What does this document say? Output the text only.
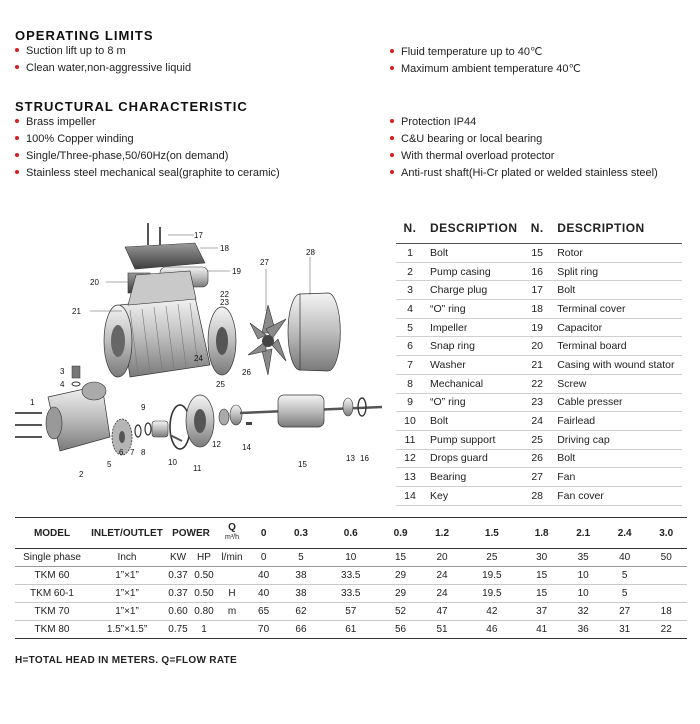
OPERATING LIMITS
Suction lift up to 8 m
Clean water,non-aggressive liquid
Fluid temperature up to 40℃
Maximum ambient temperature 40℃
STRUCTURAL CHARACTERISTIC
Brass impeller
100% Copper winding
Single/Three-phase,50/60Hz(on demand)
Stainless steel mechanical seal(graphite to ceramic)
Protection IP44
C&U bearing or local bearing
With thermal overload protector
Anti-rust shaft(Hi-Cr plated or welded stainless steel)
1
2
3
4
5
6 7 8
9
10
11
12
13
14
15
16
17
18
19
20
21
22
23
24
25
26
27
28
N.	DESCRIPTION	N.	DESCRIPTION
1	Bolt	15	Rotor
2	Pump casing	16	Split ring
3	Charge plug	17	Bolt
4	“O” ring	18	Terminal cover
5	Impeller	19	Capacitor
6	Snap ring	20	Terminal board
7	Washer	21	Casing with wound stator
8	Mechanical	22	Screw
9	“O” ring	23	Cable presser
10	Bolt	24	Fairlead
11	Pump support	25	Driving cap
12	Drops guard	26	Bolt
13	Bearing	27	Fan
14	Key	28	Fan cover
MODEL	INLET/OUTLET	POWER		Q
m³/h	0	0.3	0.6	0.9	1.2	1.5	1.8	2.1	2.4	3.0
Single phase	Inch	KW	HP	l/min	0	5	10	15	20	25	30	35	40	50
TKM 60	1”×1”	0.37	0.50		40	38	33.5	29	24	19.5	15	10	5	
TKM 60-1	1”×1”	0.37	0.50	H	40	38	33.5	29	24	19.5	15	10	5	
TKM 70	1”×1”	0.60	0.80	m	65	62	57	52	47	42	37	32	27	18
TKM 80	1.5”×1.5”	0.75	1		70	66	61	56	51	46	41	36	31	22
H=TOTAL HEAD IN METERS. Q=FLOW RATE
